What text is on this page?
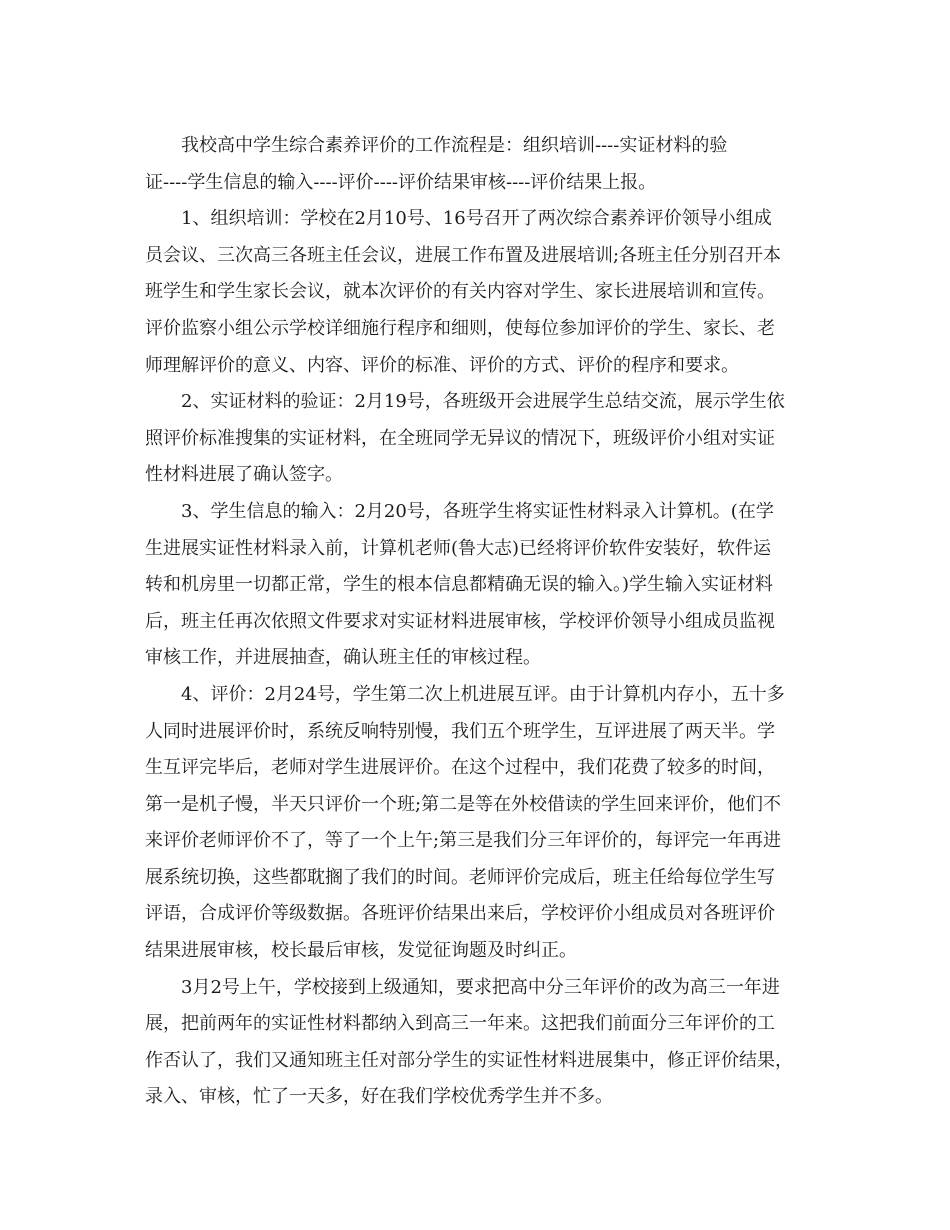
我校高中学生综合素养评价的工作流程是：组织培训----实证材料的验
证----学生信息的输入----评价----评价结果审核----评价结果上报。

1、组织培训：学校在2月10号、16号召开了两次综合素养评价领导小组成
员会议、三次高三各班主任会议，进展工作布置及进展培训;各班主任分别召开本
班学生和学生家长会议，就本次评价的有关内容对学生、家长进展培训和宣传。
评价监察小组公示学校详细施行程序和细则，使每位参加评价的学生、家长、老
师理解评价的意义、内容、评价的标准、评价的方式、评价的程序和要求。

2、实证材料的验证：2月19号，各班级开会进展学生总结交流，展示学生依
照评价标准搜集的实证材料，在全班同学无异议的情况下，班级评价小组对实证
性材料进展了确认签字。

3、学生信息的输入：2月20号，各班学生将实证性材料录入计算机。(在学
生进展实证性材料录入前，计算机老师(鲁大志)已经将评价软件安装好，软件运
转和机房里一切都正常，学生的根本信息都精确无误的输入。)学生输入实证材料
后，班主任再次依照文件要求对实证材料进展审核，学校评价领导小组成员监视
审核工作，并进展抽查，确认班主任的审核过程。

4、评价：2月24号，学生第二次上机进展互评。由于计算机内存小，五十多
人同时进展评价时，系统反响特别慢，我们五个班学生，互评进展了两天半。学
生互评完毕后，老师对学生进展评价。在这个过程中，我们花费了较多的时间，
第一是机子慢，半天只评价一个班;第二是等在外校借读的学生回来评价，他们不
来评价老师评价不了，等了一个上午;第三是我们分三年评价的，每评完一年再进
展系统切换，这些都耽搁了我们的时间。老师评价完成后，班主任给每位学生写
评语，合成评价等级数据。各班评价结果出来后，学校评价小组成员对各班评价
结果进展审核，校长最后审核，发觉征询题及时纠正。

3月2号上午，学校接到上级通知，要求把高中分三年评价的改为高三一年进
展，把前两年的实证性材料都纳入到高三一年来。这把我们前面分三年评价的工
作否认了，我们又通知班主任对部分学生的实证性材料进展集中，修正评价结果，
录入、审核，忙了一天多，好在我们学校优秀学生并不多。
